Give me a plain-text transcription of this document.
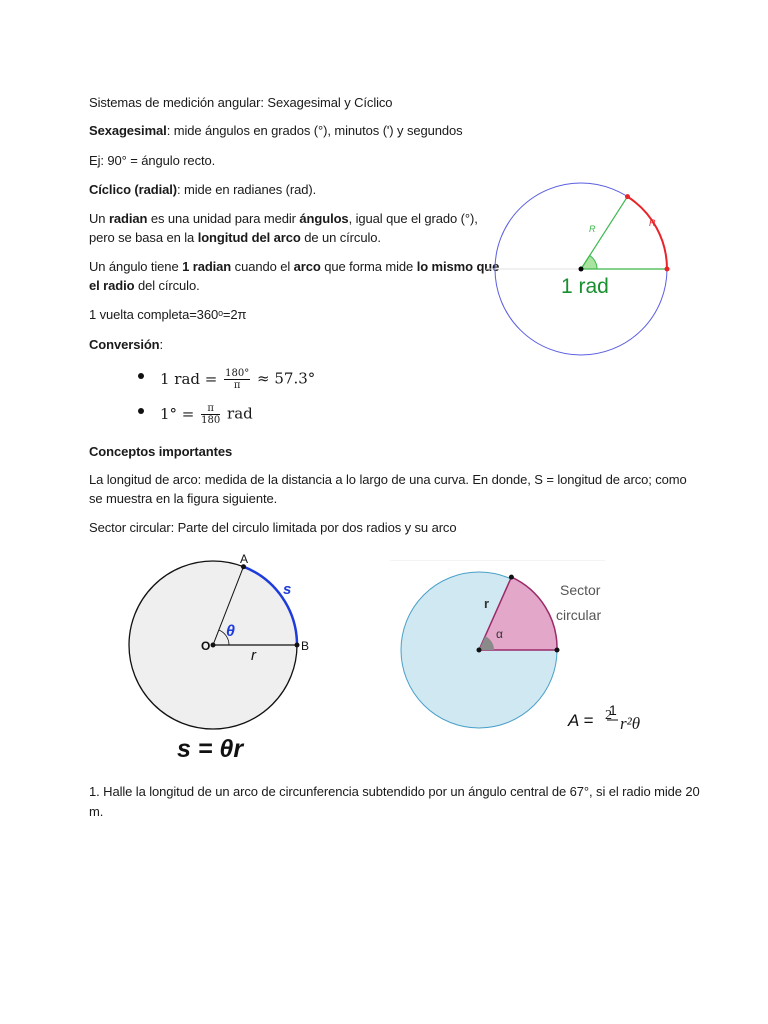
Sistemas de medición angular: Sexagesimal y Cíclico

Sexagesimal: mide ángulos en grados (°), minutos (') y segundos

Ej: 90° = ángulo recto.

Cíclico (radial): mide en radianes (rad).

Un radian es una unidad para medir ángulos, igual que el grado (°),

pero se basa en la longitud del arco de un círculo.

Un ángulo tiene 1 radian cuando el arco que forma mide lo mismo que

el radio del círculo.

1 vuelta completa=360ᵒ=2π

Conversión:

1 rad = $\frac{180^\circ}{\pi} \approx 57.3^\circ$
$1^\circ = \frac{\pi}{180}$ rad

Conceptos importantes

La longitud de arco: medida de la distancia a lo largo de una curva. En donde, S = longitud de arco; como

se muestra en la figura siguiente.

Sector circular: Parte del circulo limitada por dos radios y su arco

R
R
1 rad
A
B
O
s
θ
r
s = θr
r
α
Sector
circular
A =
1
2 r²θ

1. Halle la longitud de un arco de circunferencia subtendido por un ángulo central de 67°, si el radio mide 20

m.
